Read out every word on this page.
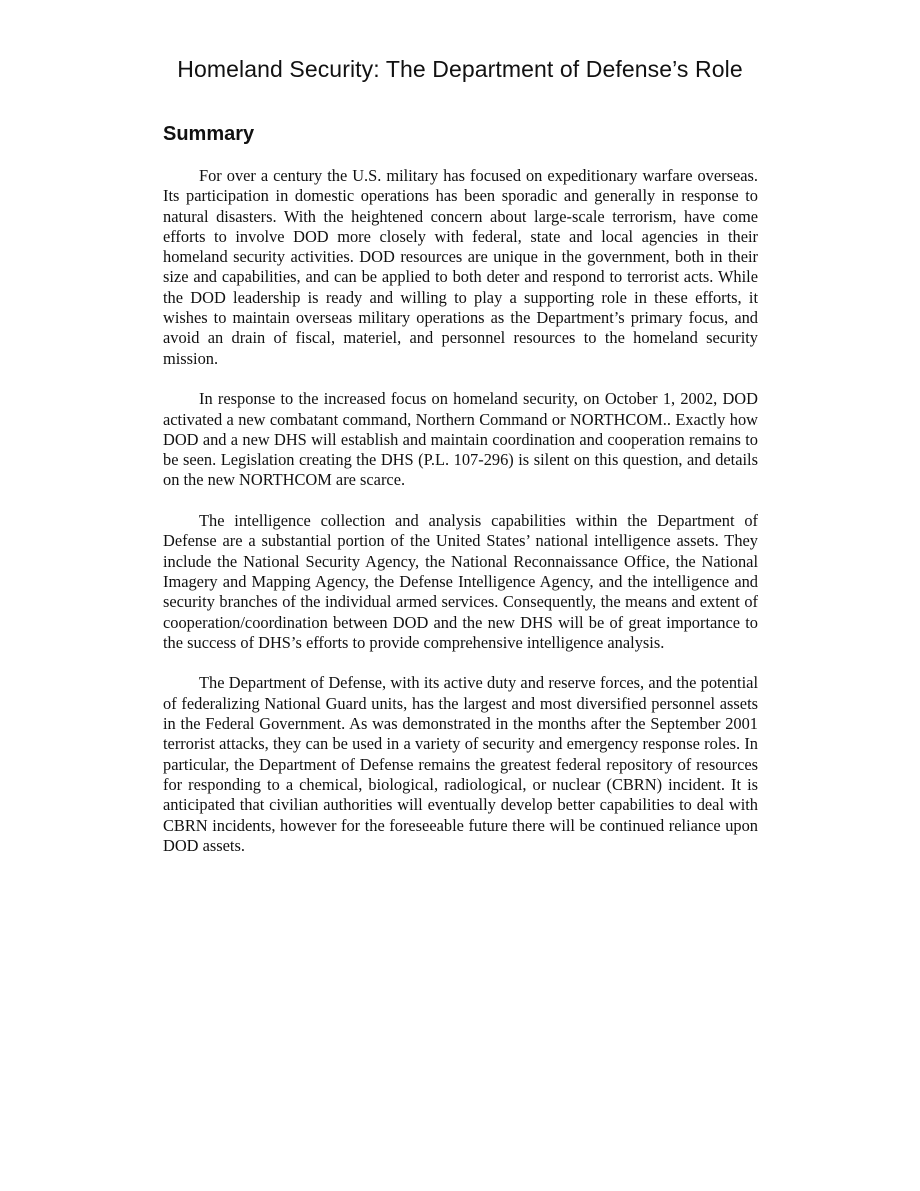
Homeland Security: The Department of Defense’s Role
Summary

For over a century the U.S. military has focused on expeditionary warfare overseas. Its participation in domestic operations has been sporadic and generally in response to natural disasters. With the heightened concern about large-scale terrorism, have come efforts to involve DOD more closely with federal, state and local agencies in their homeland security activities. DOD resources are unique in the government, both in their size and capabilities, and can be applied to both deter and respond to terrorist acts. While the DOD leadership is ready and willing to play a supporting role in these efforts, it wishes to maintain overseas military operations as the Department’s primary focus, and avoid an drain of fiscal, materiel, and personnel resources to the homeland security mission.

In response to the increased focus on homeland security, on October 1, 2002, DOD activated a new combatant command, Northern Command or NORTHCOM.. Exactly how DOD and a new DHS will establish and maintain coordination and cooperation remains to be seen. Legislation creating the DHS (P.L. 107-296) is silent on this question, and details on the new NORTHCOM are scarce.

The intelligence collection and analysis capabilities within the Department of Defense are a substantial portion of the United States’ national intelligence assets. They include the National Security Agency, the National Reconnaissance Office, the National Imagery and Mapping Agency, the Defense Intelligence Agency, and the intelligence and security branches of the individual armed services. Consequently, the means and extent of cooperation/coordination between DOD and the new DHS will be of great importance to the success of DHS’s efforts to provide comprehensive intelligence analysis.

The Department of Defense, with its active duty and reserve forces, and the potential of federalizing National Guard units, has the largest and most diversified personnel assets in the Federal Government. As was demonstrated in the months after the September 2001 terrorist attacks, they can be used in a variety of security and emergency response roles. In particular, the Department of Defense remains the greatest federal repository of resources for responding to a chemical, biological, radiological, or nuclear (CBRN) incident. It is anticipated that civilian authorities will eventually develop better capabilities to deal with CBRN incidents, however for the foreseeable future there will be continued reliance upon DOD assets.
